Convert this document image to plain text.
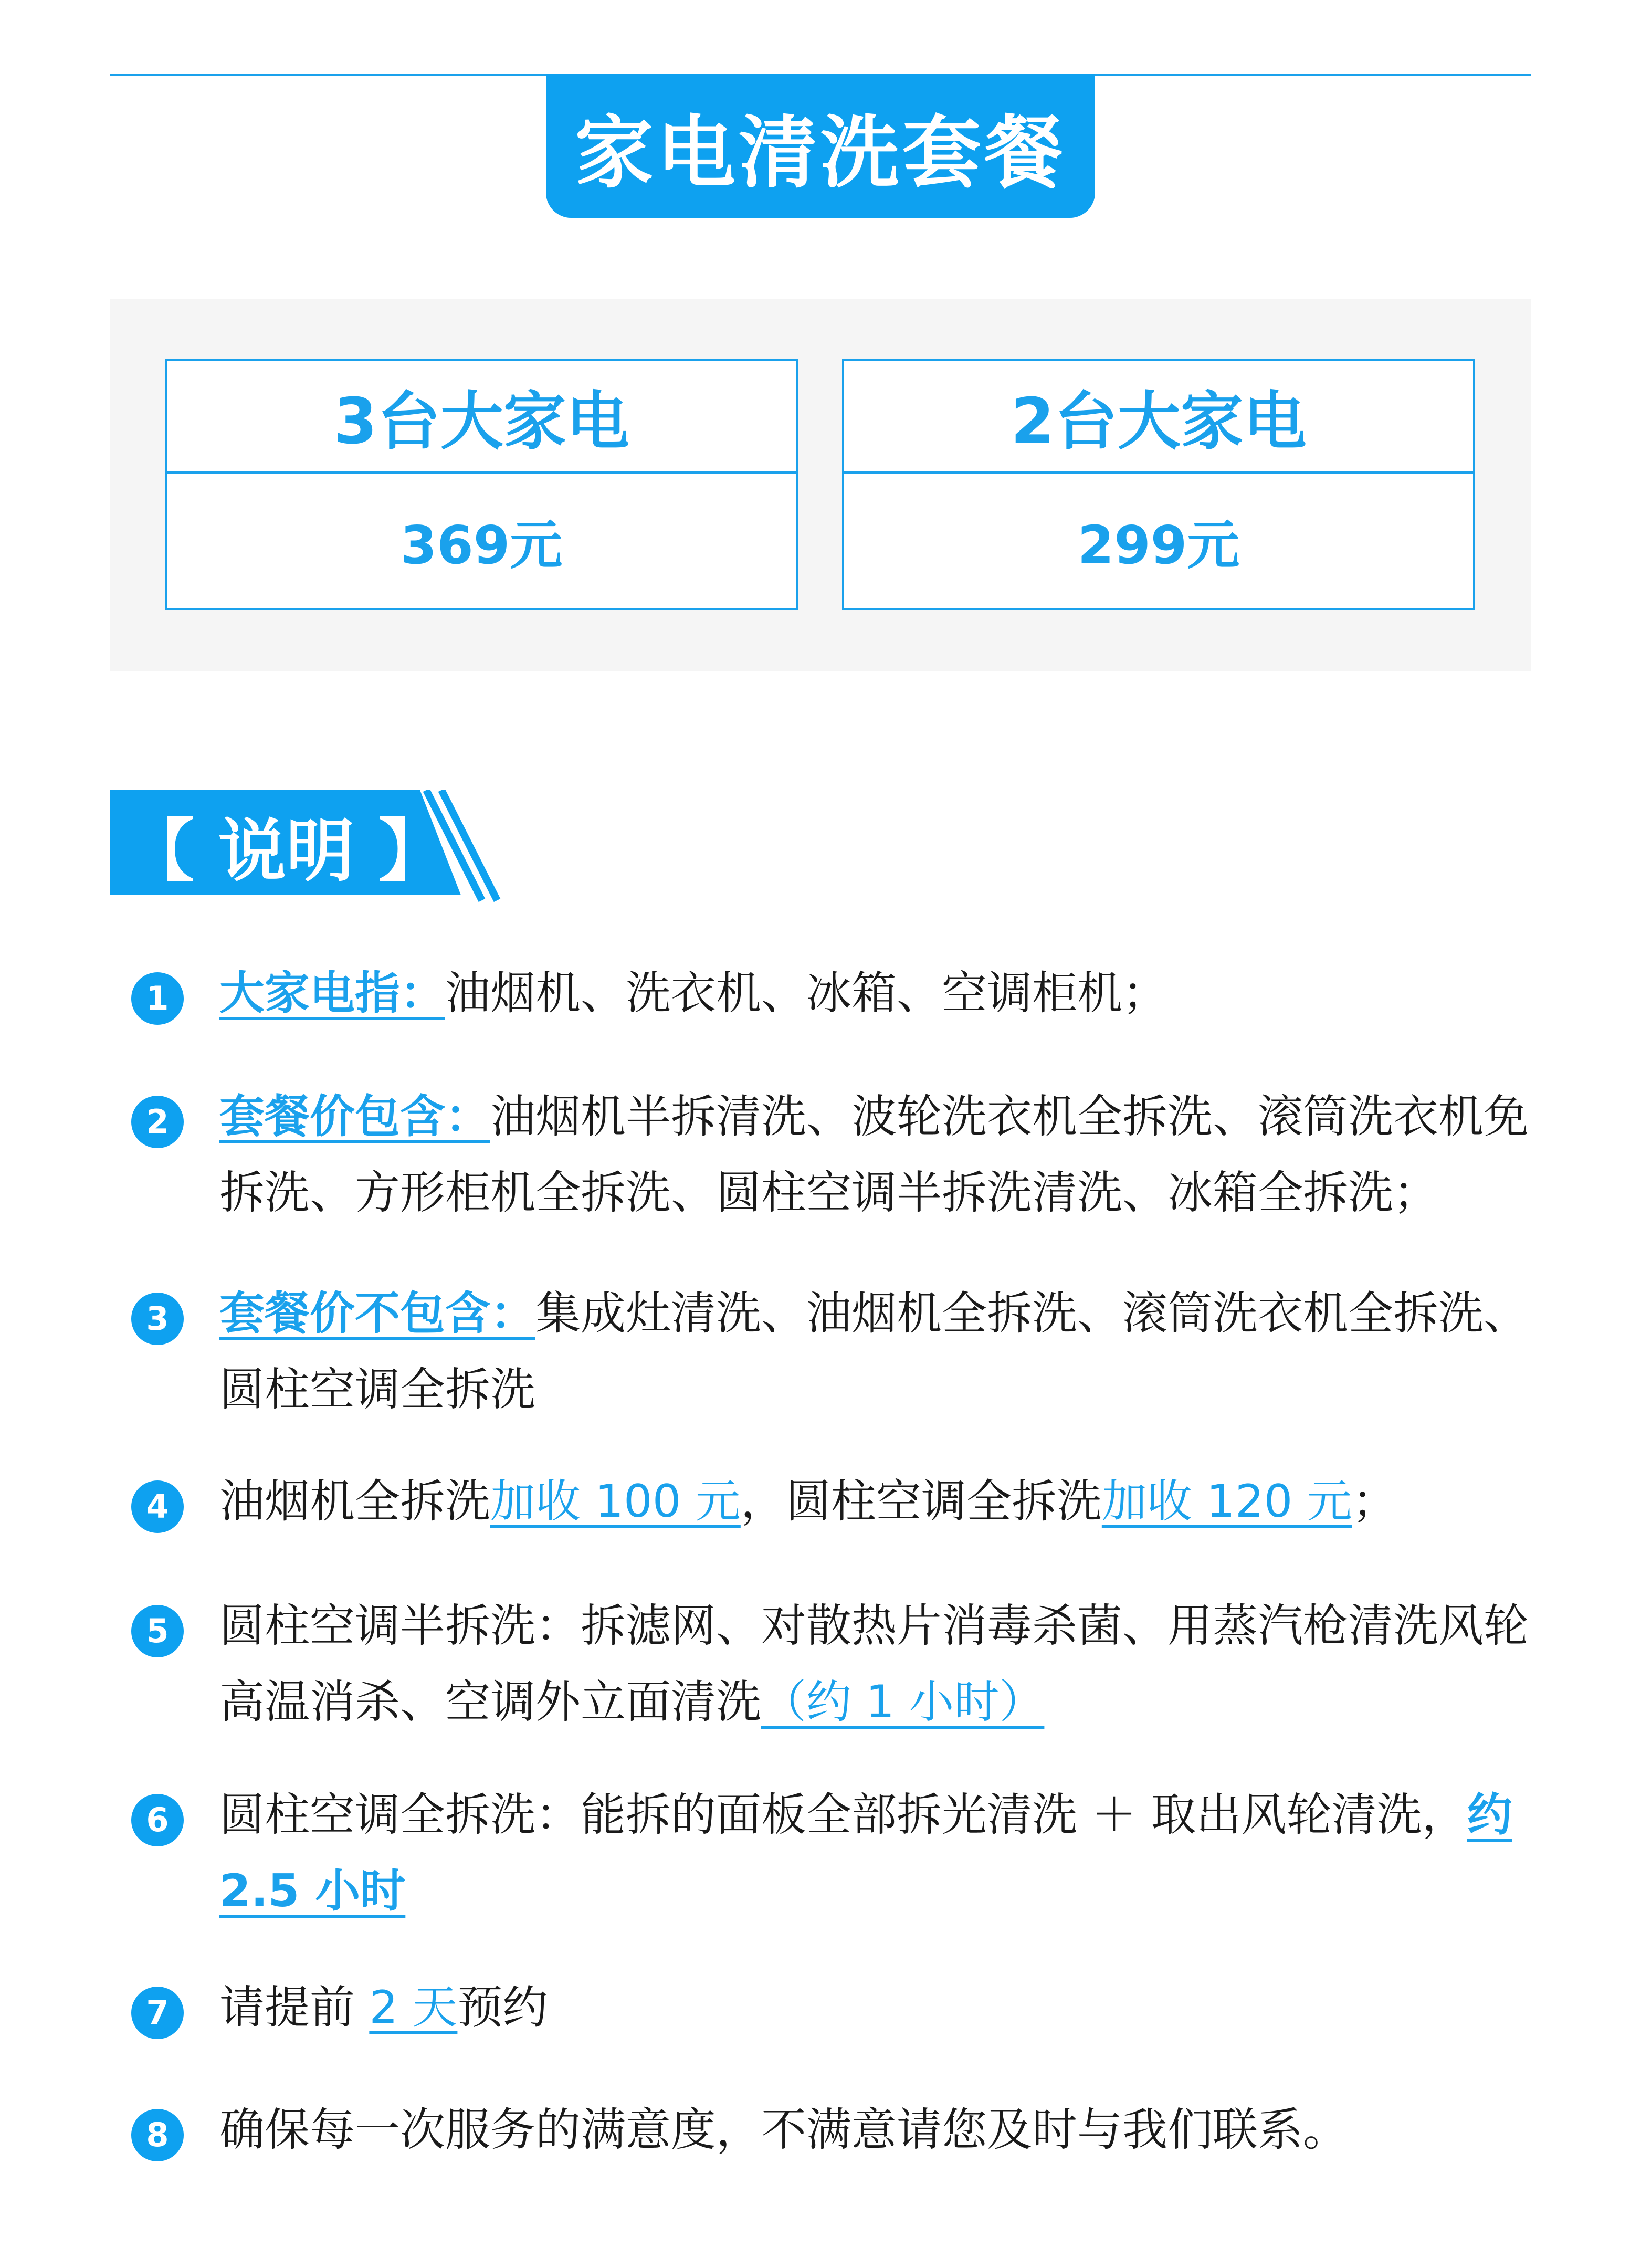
家电清洗套餐
3台大家电
369元
2台大家电
299元
【 说明 】
1	大家电指：油烟机、洗衣机、冰箱、空调柜机；
2	套餐价包含：油烟机半拆清洗、波轮洗衣机全拆洗、滚筒洗衣机免拆洗、方形柜机全拆洗、圆柱空调半拆洗清洗、冰箱全拆洗；
3	套餐价不包含：集成灶清洗、油烟机全拆洗、滚筒洗衣机全拆洗、圆柱空调全拆洗
4	油烟机全拆洗加收 100 元，圆柱空调全拆洗加收 120 元；
5	圆柱空调半拆洗：拆滤网、对散热片消毒杀菌、用蒸汽枪清洗风轮高温消杀、空调外立面清洗（约 1 小时）
6	圆柱空调全拆洗：能拆的面板全部拆光清洗 ＋ 取出风轮清洗，约 2.5 小时
7	请提前 2 天预约
8	确保每一次服务的满意度，不满意请您及时与我们联系。
